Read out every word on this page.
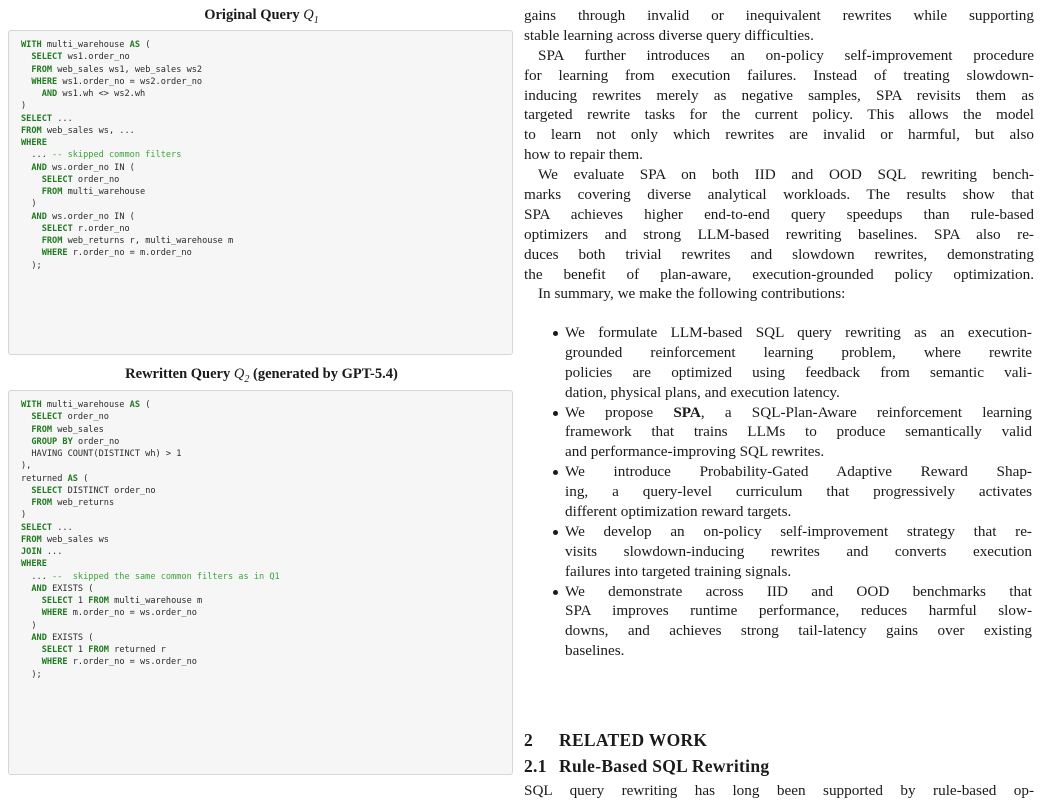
Original Query $Q_1$
WITH multi_warehouse AS (
SELECT ws1.order_no
FROM web_sales ws1, web_sales ws2
WHERE ws1.order_no = ws2.order_no
AND ws1.wh <> ws2.wh
)
SELECT ...
FROM web_sales ws, ...
WHERE
... -- skipped common filters
AND ws.order_no IN (
SELECT order_no
FROM multi_warehouse
)
AND ws.order_no IN (
SELECT r.order_no
FROM web_returns r, multi_warehouse m
WHERE r.order_no = m.order_no
);
Rewritten Query $Q_2$ (generated by GPT-5.4)
WITH multi_warehouse AS (
SELECT order_no
FROM web_sales
GROUP BY order_no
HAVING COUNT(DISTINCT wh) > 1
),
returned AS (
SELECT DISTINCT order_no
FROM web_returns
)
SELECT ...
FROM web_sales ws
JOIN ...
WHERE
... --  skipped the same common filters as in Q1
AND EXISTS (
SELECT 1 FROM multi_warehouse m
WHERE m.order_no = ws.order_no
)
AND EXISTS (
SELECT 1 FROM returned r
WHERE r.order_no = ws.order_no
);
gains through invalid or inequivalent rewrites while supporting
stable learning across diverse query difficulties.
SPA further introduces an on-policy self-improvement procedure
for learning from execution failures. Instead of treating slowdown-
inducing rewrites merely as negative samples, SPA revisits them as
targeted rewrite tasks for the current policy. This allows the model
to learn not only which rewrites are invalid or harmful, but also
how to repair them.
We evaluate SPA on both IID and OOD SQL rewriting bench-
marks covering diverse analytical workloads. The results show that
SPA achieves higher end-to-end query speedups than rule-based
optimizers and strong LLM-based rewriting baselines. SPA also re-
duces both trivial rewrites and slowdown rewrites, demonstrating
the benefit of plan-aware, execution-grounded policy optimization.
In summary, we make the following contributions:
We formulate LLM-based SQL query rewriting as an execution-
grounded reinforcement learning problem, where rewrite
policies are optimized using feedback from semantic vali-
dation, physical plans, and execution latency.
We propose SPA, a SQL-Plan-Aware reinforcement learning
framework that trains LLMs to produce semantically valid
and performance-improving SQL rewrites.
We introduce Probability-Gated Adaptive Reward Shap-
ing, a query-level curriculum that progressively activates
different optimization reward targets.
We develop an on-policy self-improvement strategy that re-
visits slowdown-inducing rewrites and converts execution
failures into targeted training signals.
We demonstrate across IID and OOD benchmarks that
SPA improves runtime performance, reduces harmful slow-
downs, and achieves strong tail-latency gains over existing
baselines.
2 RELATED WORK
2.1 Rule-Based SQL Rewriting
SQL query rewriting has long been supported by rule-based op-
